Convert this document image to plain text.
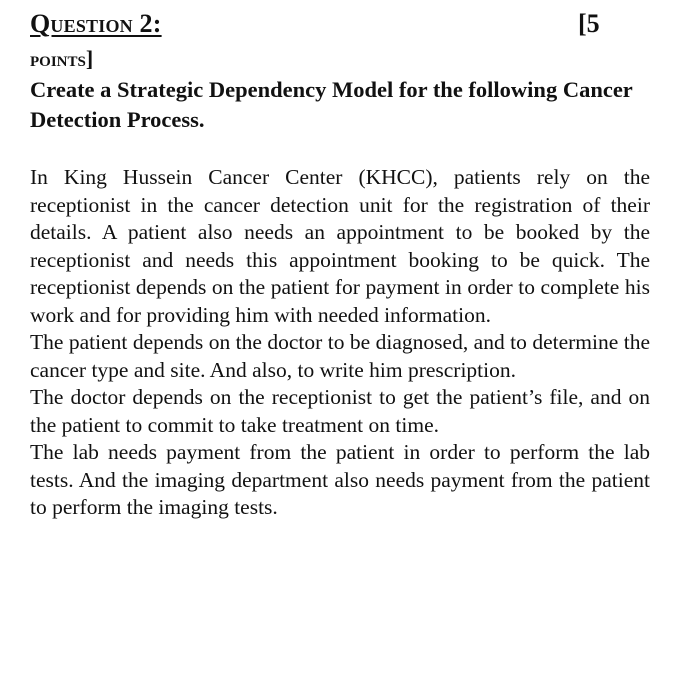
Question 2:	[5
points]
Create a Strategic Dependency Model for the following Cancer Detection Process.

In King Hussein Cancer Center (KHCC), patients rely on the receptionist in the cancer detection unit for the registration of their details. A patient also needs an appointment to be booked by the receptionist and needs this appointment booking to be quick. The receptionist depends on the patient for payment in order to complete his work and for providing him with needed information.

The patient depends on the doctor to be diagnosed, and to determine the cancer type and site. And also, to write him prescription.

The doctor depends on the receptionist to get the patient’s file, and on the patient to commit to take treatment on time.

The lab needs payment from the patient in order to perform the lab tests. And the imaging department also needs payment from the patient to perform the imaging tests.
